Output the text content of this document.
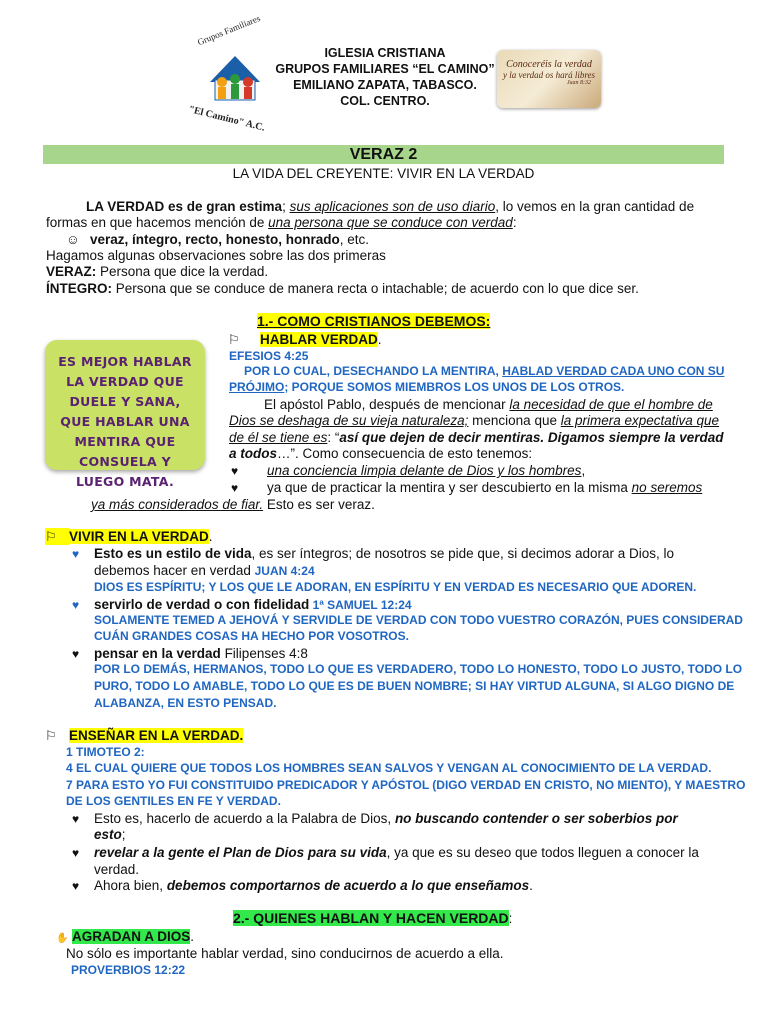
Grupos Familiares
"El Camino" A.C.
IGLESIA CRISTIANA
GRUPOS FAMILIARES “EL CAMINO”
EMILIANO ZAPATA, TABASCO.
COL. CENTRO.
Conoceréis la verdad
y la verdad os hará libres
Juan 8:32
VERAZ 2
LA VIDA DEL CREYENTE: VIVIR EN LA VERDAD
LA VERDAD es de gran estima; sus aplicaciones son de uso diario, lo vemos en la gran cantidad de
formas en que hacemos mención de una persona que se conduce con verdad:
☺ veraz, íntegro, recto, honesto, honrado, etc.
Hagamos algunas observaciones sobre las dos primeras
VERAZ: Persona que dice la verdad.
ÍNTEGRO: Persona que se conduce de manera recta o intachable; de acuerdo con lo que dice ser.
1.- COMO CRISTIANOS DEBEMOS:
⚐ HABLAR VERDAD.
ES MEJOR HABLAR LA VERDAD QUE DUELE Y SANA, QUE HABLAR UNA MENTIRA QUE CONSUELA Y LUEGO MATA.
EFESIOS 4:25
POR LO CUAL, DESECHANDO LA MENTIRA, HABLAD VERDAD CADA UNO CON SU
PRÓJIMO; PORQUE SOMOS MIEMBROS LOS UNOS DE LOS OTROS.
El apóstol Pablo, después de mencionar la necesidad de que el hombre de
Dios se deshaga de su vieja naturaleza; menciona que la primera expectativa que
de él se tiene es: “así que dejen de decir mentiras. Digamos siempre la verdad
a todos…”. Como consecuencia de esto tenemos:
♥ una conciencia limpia delante de Dios y los hombres,
♥ ya que de practicar la mentira y ser descubierto en la misma no seremos
ya más considerados de fiar. Esto es ser veraz.
⚐ VIVIR EN LA VERDAD.
♥ Esto es un estilo de vida, es ser íntegros; de nosotros se pide que, si decimos adorar a Dios, lo
debemos hacer en verdad JUAN 4:24
DIOS ES ESPÍRITU; Y LOS QUE LE ADORAN, EN ESPÍRITU Y EN VERDAD ES NECESARIO QUE ADOREN.
♥ servirlo de verdad o con fidelidad 1ª SAMUEL 12:24
SOLAMENTE TEMED A JEHOVÁ Y SERVIDLE DE VERDAD CON TODO VUESTRO CORAZÓN, PUES CONSIDERAD
CUÁN GRANDES COSAS HA HECHO POR VOSOTROS.
♥ pensar en la verdad Filipenses 4:8
POR LO DEMÁS, HERMANOS, TODO LO QUE ES VERDADERO, TODO LO HONESTO, TODO LO JUSTO, TODO LO
PURO, TODO LO AMABLE, TODO LO QUE ES DE BUEN NOMBRE; SI HAY VIRTUD ALGUNA, SI ALGO DIGNO DE
ALABANZA, EN ESTO PENSAD.
⚐ ENSEÑAR EN LA VERDAD.
1 TIMOTEO 2:
4 EL CUAL QUIERE QUE TODOS LOS HOMBRES SEAN SALVOS Y VENGAN AL CONOCIMIENTO DE LA VERDAD.
7 PARA ESTO YO FUI CONSTITUIDO PREDICADOR Y APÓSTOL (DIGO VERDAD EN CRISTO, NO MIENTO), Y MAESTRO
DE LOS GENTILES EN FE Y VERDAD.
♥ Esto es, hacerlo de acuerdo a la Palabra de Dios, no buscando contender o ser soberbios por
esto;
♥ revelar a la gente el Plan de Dios para su vida, ya que es su deseo que todos lleguen a conocer la
verdad.
♥ Ahora bien, debemos comportarnos de acuerdo a lo que enseñamos.
2.- QUIENES HABLAN Y HACEN VERDAD:
✋ AGRADAN A DIOS.
No sólo es importante hablar verdad, sino conducirnos de acuerdo a ella.
PROVERBIOS 12:22
